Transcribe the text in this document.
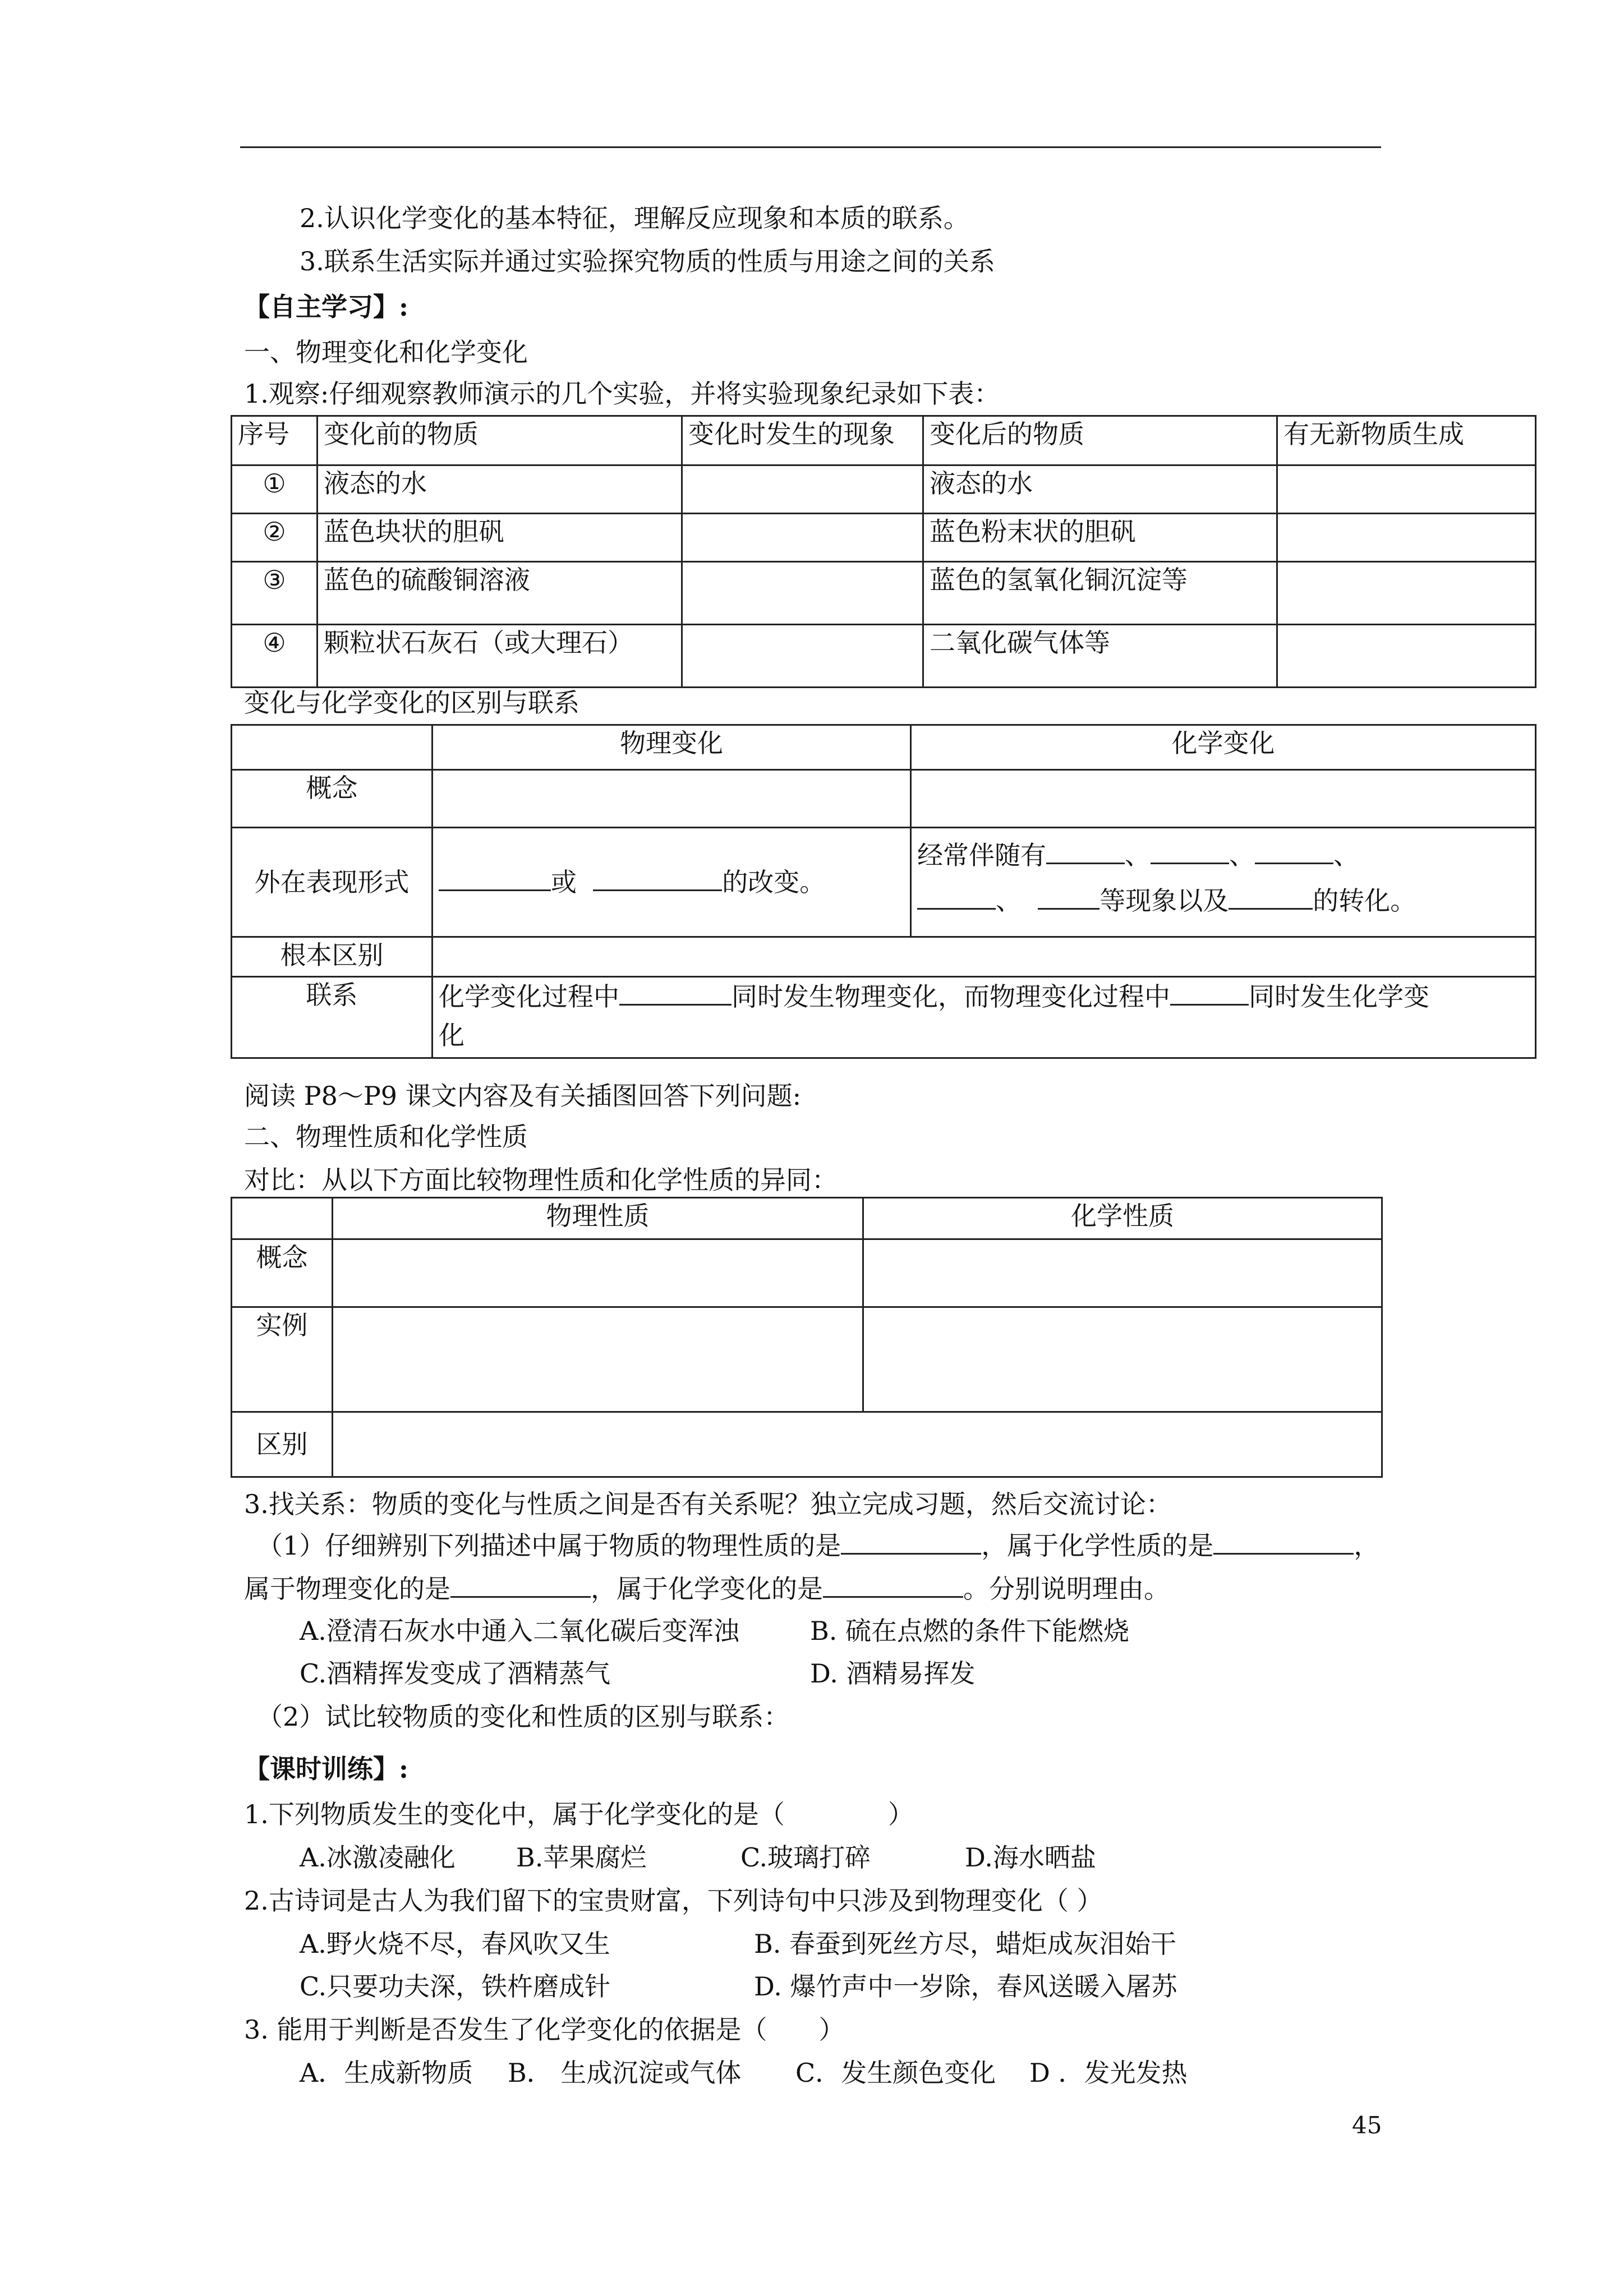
2.认识化学变化的基本特征，理解反应现象和本质的联系。
3.联系生活实际并通过实验探究物质的性质与用途之间的关系
【自主学习】:
一、物理变化和化学变化
1.观察:仔细观察教师演示的几个实验，并将实验现象纪录如下表：
序号	变化前的物质	变化时发生的现象	变化后的物质	有无新物质生成
①	液态的水		液态的水	
②	蓝色块状的胆矾		蓝色粉末状的胆矾	
③	蓝色的硫酸铜溶液		蓝色的氢氧化铜沉淀等	
④	颗粒状石灰石（或大理石）		二氧化碳气体等	
变化与化学变化的区别与联系
	物理变化	化学变化
概念		
外在表现形式	或 的改变。	经常伴随有 、 、 、
、 等现象以及 的转化。
根本区别		
联系	化学变化过程中 同时发生物理变化，而物理变化过程中 同时发生化学变
化	
阅读 P8～P9 课文内容及有关插图回答下列问题:
二、物理性质和化学性质
对比：从以下方面比较物理性质和化学性质的异同：
	物理性质	化学性质
概念		
实例		
区别		
3.找关系：物质的变化与性质之间是否有关系呢？独立完成习题，然后交流讨论：
（1）仔细辨别下列描述中属于物质的物理性质的是	，属于化学性质的是	，
属于物理变化的是	，属于化学变化的是	。分别说明理由。
A.澄清石灰水中通入二氧化碳后变浑浊	B. 硫在点燃的条件下能燃烧
C.酒精挥发变成了酒精蒸气	D. 酒精易挥发
（2）试比较物质的变化和性质的区别与联系：
【课时训练】:
1.下列物质发生的变化中，属于化学变化的是（　　　　）
A.冰激凌融化 B.苹果腐烂	C.玻璃打碎	D.海水晒盐
2.古诗词是古人为我们留下的宝贵财富，下列诗句中只涉及到物理变化（ ）
A.野火烧不尽，春风吹又生	B. 春蚕到死丝方尽，蜡炬成灰泪始干
C.只要功夫深，铁杵磨成针	D. 爆竹声中一岁除，春风送暖入屠苏
3. 能用于判断是否发生了化学变化的依据是（　　）
A．生成新物质 B． 生成沉淀或气体 C．发生颜色变化 D ．发光发热
45
